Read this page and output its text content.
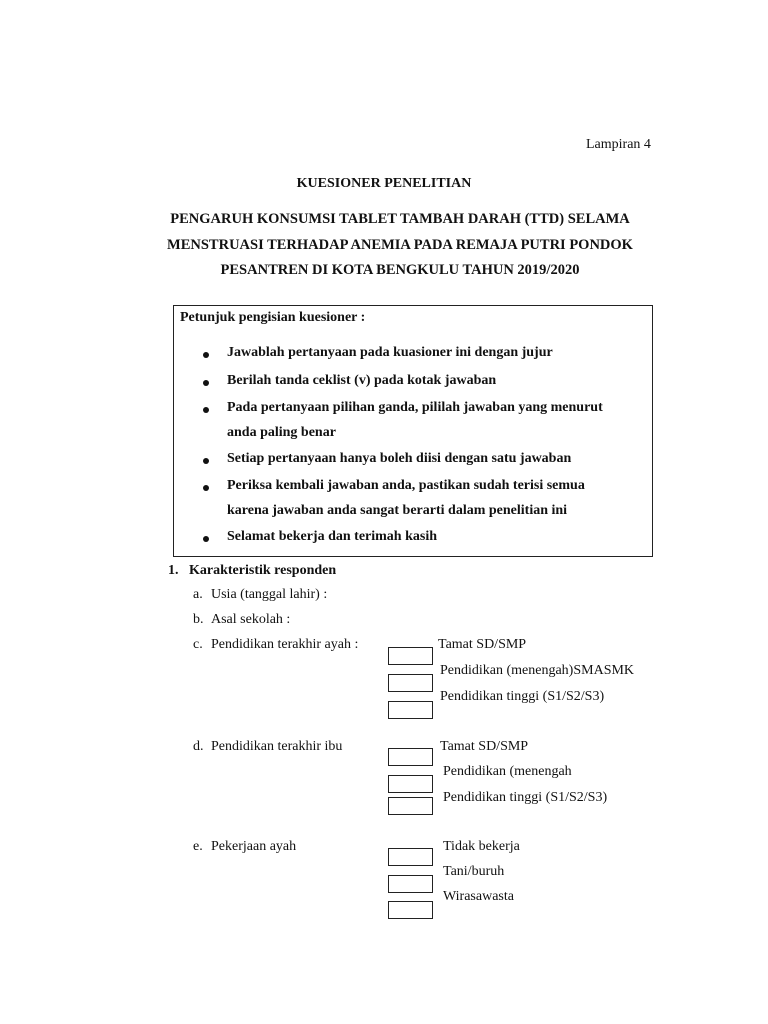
Lampiran 4
KUESIONER PENELITIAN
PENGARUH KONSUMSI TABLET TAMBAH DARAH (TTD) SELAMA
MENSTRUASI TERHADAP ANEMIA PADA REMAJA PUTRI PONDOK
PESANTREN DI KOTA BENGKULU TAHUN 2019/2020
Petunjuk pengisian kuesioner :
Jawablah pertanyaan pada kuasioner ini dengan jujur
Berilah tanda ceklist (v) pada kotak jawaban
Pada pertanyaan pilihan ganda, pililah jawaban yang menurut
anda paling benar
Setiap pertanyaan hanya boleh diisi dengan satu jawaban
Periksa kembali jawaban anda, pastikan sudah terisi semua
karena jawaban anda sangat berarti dalam penelitian ini
Selamat bekerja dan terimah kasih
1.   Karakteristik responden
a. Usia (tanggal lahir) :
b. Asal sekolah :
c. Pendidikan terakhir ayah :	Tamat SD/SMP
Pendidikan (menengah)SMASMK
Pendidikan tinggi (S1/S2/S3)
d. Pendidikan terakhir ibu	Tamat SD/SMP
Pendidikan (menengah
Pendidikan tinggi (S1/S2/S3)
e. Pekerjaan ayah	Tidak bekerja
Tani/buruh
Wirasawasta
